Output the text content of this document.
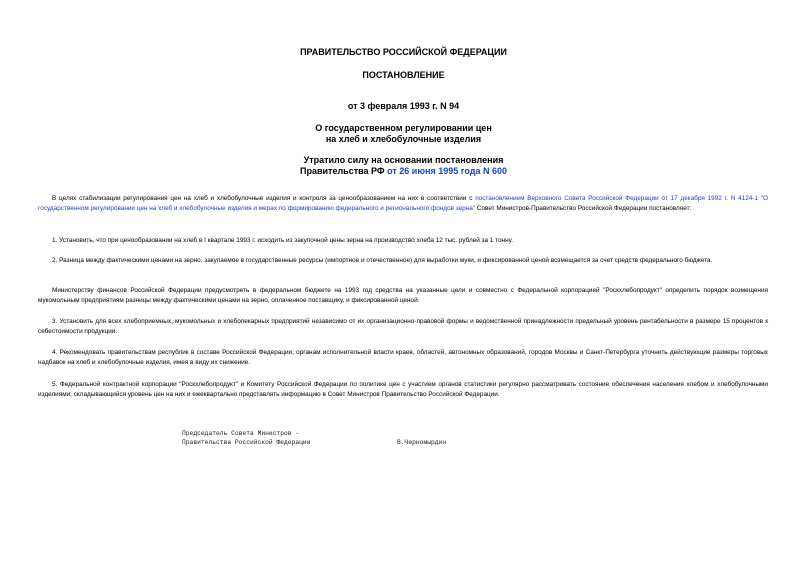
ПРАВИТЕЛЬСТВО РОССИЙСКОЙ ФЕДЕРАЦИИ

ПОСТАНОВЛЕНИЕ

от 3 февраля 1993 г. N 94

О государственном регулировании цен

на хлеб и хлебобулочные изделия

Утратило силу на основании постановления

Правительства РФ от 26 июня 1995 года N 600

В целях стабилизации регулирования цен на хлеб и хлебобулочные изделия и контроля за ценообразованием на них в соответствии с постановлением Верховного Совета Российской Федерации от 17 декабря 1992 г. N 4124-1 "О государственном регулировании цен на хлеб и хлебобулочные изделия и мерах по формированию федерального и регионального фондов зерна" Совет Министров-Правительство Российской Федерации постановляет:

1. Установить, что при ценообразовании на хлеб в I квартале 1993 г. исходить из закупочной цены зерна на производство хлеба 12 тыс. рублей за 1 тонну.

2. Разница между фактическими ценами на зерно, закупаемое в государственные ресурсы (импортное и отечественное) для выработки муки, и фиксированной ценой возмещается за счет средств федерального бюджета.

Министерству финансов Российской Федерации предусмотреть в федеральном бюджете на 1993 год средства на указанные цели и совместно с Федеральной корпорацией "Роскхлебопродукт" определить порядок возмещения мукомольным предприятиям разницы между фактическими ценами на зерно, оплаченное поставщику, и фиксированной ценой.

3. Установить для всех хлебоприемных, мукомольных и хлебопекарных предприятий независимо от их организационно-правовой формы и ведомственной принадлежности предельный уровень рентабельности в размере 15 процентов к себестоимости продукции.

4. Рекомендовать правительствам республик в составе Российской Федерации, органам исполнительной власти краев, областей, автономных образований, городов Москвы и Санкт-Петербурга уточнить действующие размеры торговых надбавок на хлеб и хлебобулочные изделия, имея в виду их снижение.

5. Федеральной контрактной корпорации "Роскхлебопродукт" и Комитету Российской Федерации по политике цен с участием органов статистики регулярно рассматривать состояние обеспечения населения хлебом и хлебобулочными изделиями, складывающийся уровень цен на них и ежеквартально представлять информацию в Совет Министров Правительство Российской Федерации.

Председатель Совета Министров -

Правительства Российской Федерации	В.Черномырдин
